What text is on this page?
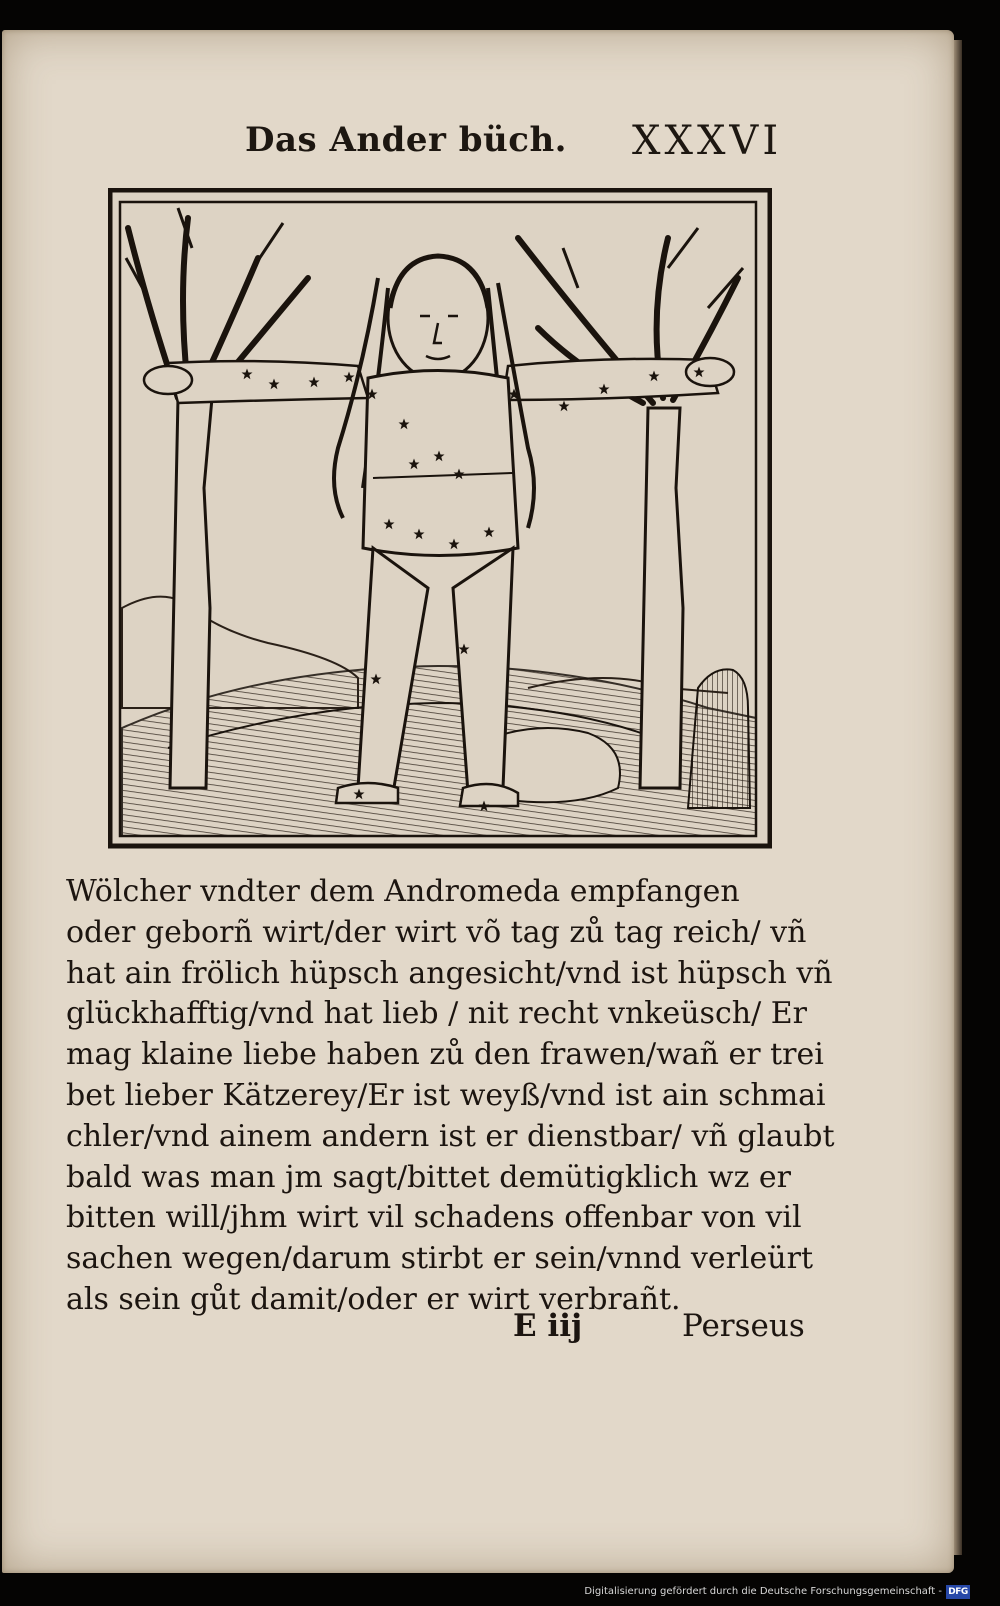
Das Ander büch. XXXVI
Wölcher vndter dem Andromeda empfangen
oder geborñ wirt/der wirt võ tag zů tag reich/ vñ
hat ain frölich hüpsch angesicht/vnd ist hüpsch vñ
glückhafftig/vnd hat lieb / nit recht vnkeüsch/ Er
mag klaine liebe haben zů den frawen/wañ er trei
bet lieber Kätzerey/Er ist weyß/vnd ist ain schmai
chler/vnd ainem andern ist er dienstbar/ vñ glaubt
bald was man jm sagt/bittet demütigklich wz er
bitten will/jhm wirt vil schadens offenbar von vil
sachen wegen/darum stirbt er sein/vnnd verleürt
als sein gůt damit/oder er wirt verbrañt.
E iij	Perseus
Digitalisierung gefördert durch die Deutsche Forschungsgemeinschaft - DFG
